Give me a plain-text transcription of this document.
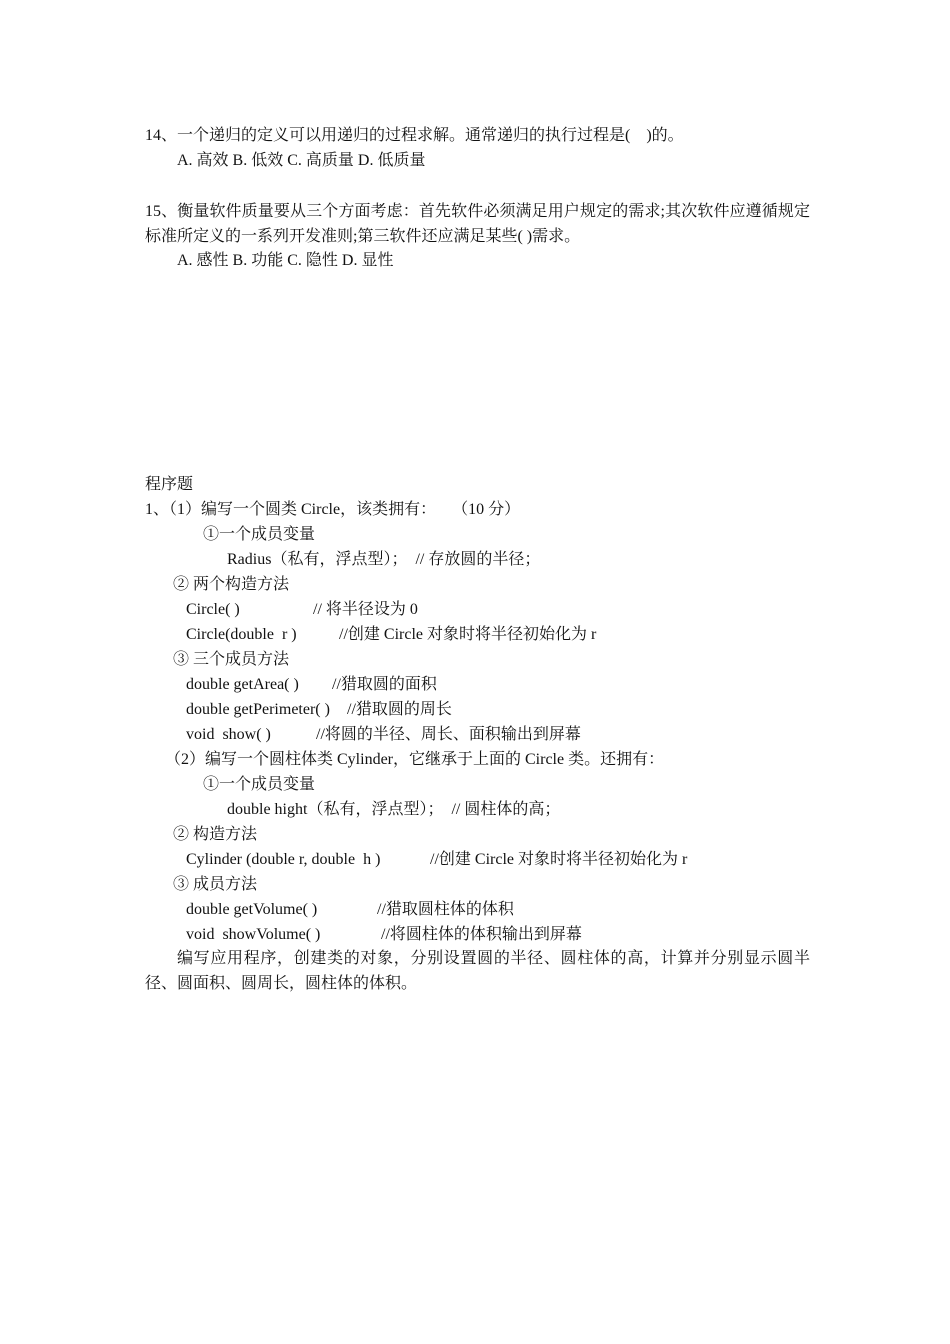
14、一个递归的定义可以用递归的过程求解。通常递归的执行过程是(    )的。
A. 高效 B. 低效 C. 高质量 D. 低质量
15、衡量软件质量要从三个方面考虑：首先软件必须满足用户规定的需求;其次软件应遵循规定标准所定义的一系列开发准则;第三软件还应满足某些( )需求。
A. 感性 B. 功能 C. 隐性 D. 显性
程序题
1、（1）编写一个圆类 Circle，该类拥有：    （10 分）
①一个成员变量
Radius（私有，浮点型）；  // 存放圆的半径；
② 两个构造方法
Circle( )	// 将半径设为 0
Circle(double  r )	//创建 Circle 对象时将半径初始化为 r
③ 三个成员方法
double getArea( ) //猎取圆的面积
double getPerimeter( ) //猎取圆的周长
void  show( )	//将圆的半径、周长、面积输出到屏幕
（2）编写一个圆柱体类 Cylinder，它继承于上面的 Circle 类。还拥有：
①一个成员变量
double hight（私有，浮点型）；  // 圆柱体的高；
② 构造方法
Cylinder (double r, double  h )	//创建 Circle 对象时将半径初始化为 r
③ 成员方法
double getVolume( )	//猎取圆柱体的体积
void  showVolume( )	//将圆柱体的体积输出到屏幕
编写应用程序，创建类的对象，分别设置圆的半径、圆柱体的高，计算并分别显示圆半径、圆面积、圆周长，圆柱体的体积。
